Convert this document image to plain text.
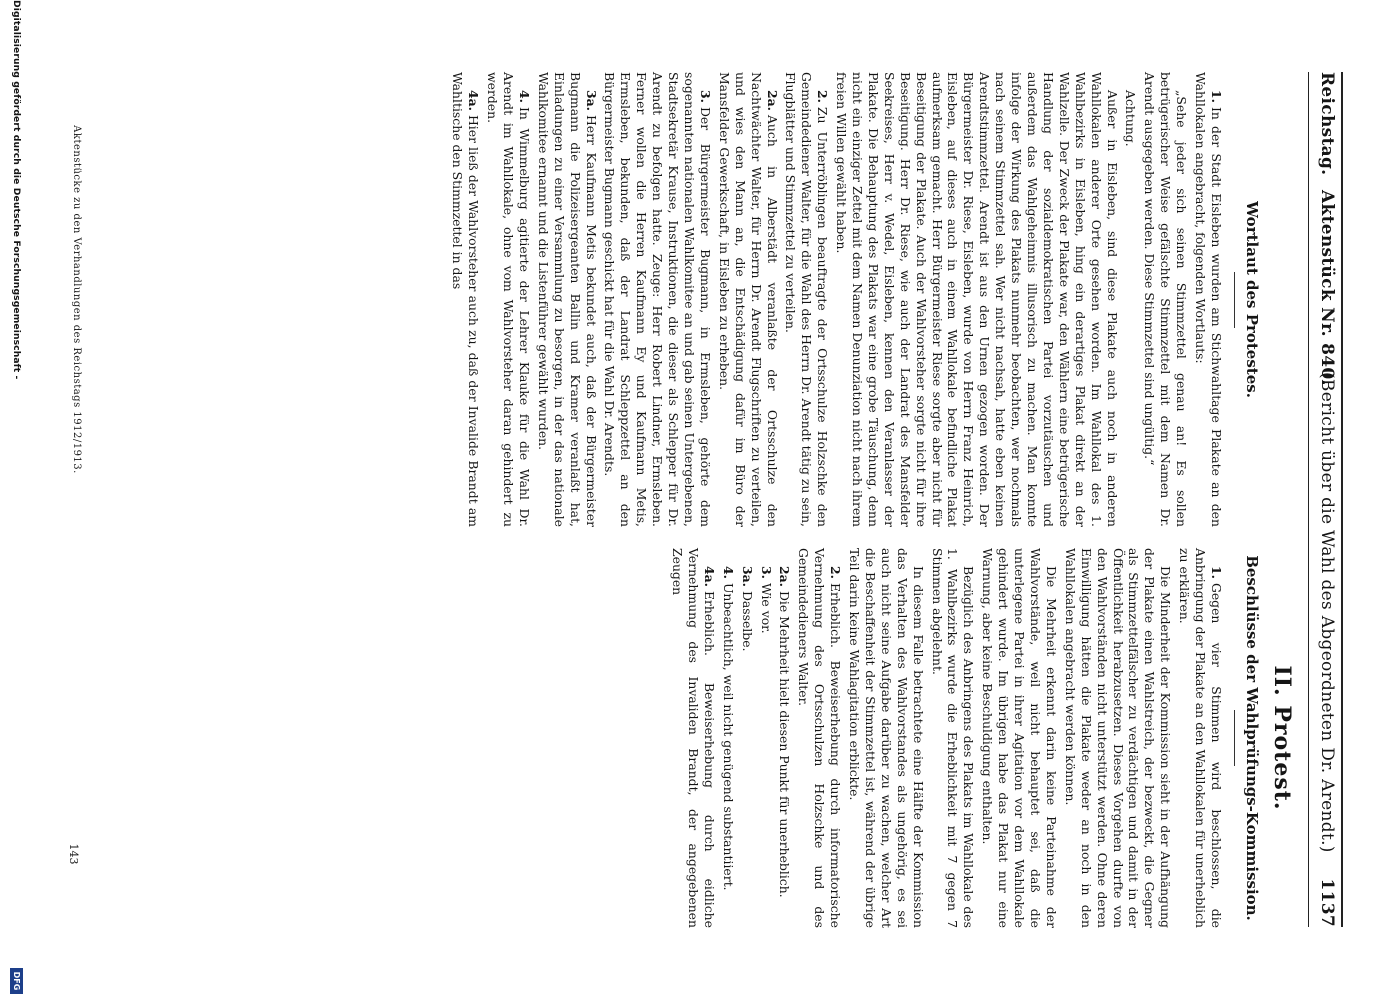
Reichstag.
Aktenstück Nr. 840.
(Bericht über die Wahl des Abgeordneten Dr. Arendt.)
1137
Wortlaut des Protestes.

1.In der Stadt Eisleben wurden am Stichwahltage Plakate an den Wahllokalen angebracht, folgenden Wortlauts:

„Sehe jeder sich seinen Stimmzettel genau an! Es sollen betrügerischer Weise gefälschte Stimmzettel mit dem Namen Dr. Arendt ausgegeben werden. Diese Stimmzettel sind ungültig.“

Achtung.

Außer in Eisleben, sind diese Plakate auch noch in anderen Wahllokalen anderer Orte gesehen worden. Im Wahllokal des 1. Wahlbezirks in Eisleben, hing ein derartiges Plakat direkt an der Wahlzelle. Der Zweck der Plakate war, den Wählern eine betrügerische Handlung der sozialdemokratischen Partei vorzutäuschen und außerdem das Wahlgeheimnis illusorisch zu machen. Man konnte infolge der Wirkung des Plakats nunmehr beobachten, wer nochmals nach seinem Stimmzettel sah. Wer nicht nachsah, hatte eben keinen Arendtstimmzettel. Arendt ist aus den Urnen gezogen worden. Der Bürgermeister Dr. Riese, Eisleben, wurde von Herrn Franz Heinrich, Eisleben, auf dieses auch in einem Wahllokale befindliche Plakat aufmerksam gemacht. Herr Bürgermeister Riese sorgte aber nicht für Beseitigung der Plakate. Auch der Wahlvorsteher sorgte nicht für ihre Beseitigung. Herr Dr. Riese, wie auch der Landrat des Mansfelder Seekreises, Herr v. Wedel, Eisleben, kennen den Veranlasser der Plakate. Die Behauptung des Plakats war eine grobe Täuschung, denn nicht ein einziger Zettel mit dem Namen Denunziation nicht nach ihrem freien Willen gewählt haben.

2.Zu Unterröblingen beauftragte der Ortsschulze Holzschke den Gemeindediener Walter, für die Wahl des Herrn Dr. Arendt tätig zu sein, Flugblätter und Stimmzettel zu verteilen.

2a.Auch in Alberstädt veranlaßte der Ortsschulze den Nachtwächter Walter, für Herrn Dr. Arendt Flugschriften zu verteilen, und wies den Mann an, die Entschädigung dafür im Büro der Mansfelder Gewerkschaft, in Eisleben zu erheben.

3.Der Bürgermeister Bugmann, in Ermsleben, gehörte dem sogenannten nationalen Wahlkomitee an und gab seinen Untergebenen, Stadtsekretär Krause, Instruktionen, die dieser als Schlepper für Dr. Arendt zu befolgen hatte. Zeuge: Herr Robert Lindner, Ermsleben. Ferner wollen die Herren Kaufmann Ey und Kaufmann Metis, Ermsleben, bekunden, daß der Landrat Schleppzettel an den Bürgermeister Bugmann geschickt hat für die Wahl Dr. Arendts.

3a.Herr Kaufmann Metis bekundet auch, daß der Bürgermeister Bugmann die Polizeisergeanten Ballin und Kramer veranlaßt hat, Einladungen zu einer Versammlung zu besorgen, in der das nationale Wahlkomitee ernannt und die Listenführer gewählt wurden.

4.In Wimmelburg agitierte der Lehrer Klauke für die Wahl Dr. Arendt im Wahllokale, ohne vom Wahlvorsteher daran gehindert zu werden.

4a.Hier ließ der Wahlvorsteher auch zu, daß der Invalide Brandt am Wahltische den Stimmzettel in das

II. Protest.
Beschlüsse der Wahlprüfungs-Kommission.

1.Gegen vier Stimmen wird beschlossen, die Anbringung der Plakate an den Wahllokalen für unerheblich zu erklären.

Die Minderheit der Kommission sieht in der Aufhängung der Plakate einen Wahlstreich, der bezweckt, die Gegner als Stimmzettelfälscher zu verdächtigen und damit in der Öffentlichkeit herabzusetzen. Dieses Vorgehen durfte von den Wahlvorständen nicht unterstützt werden. Ohne deren Einwilligung hätten die Plakate weder an noch in den Wahllokalen angebracht werden können.

Die Mehrheit erkennt darin keine Parteinahme der Wahlvorstände, weil nicht behauptet sei, daß die unterlegene Partei in ihrer Agitation vor dem Wahllokale gehindert wurde. Im übrigen habe das Plakat nur eine Warnung, aber keine Beschuldigung enthalten.

Bezüglich des Anbringens des Plakats im Wahllokale des 1. Wahlbezirks wurde die Erheblichkeit mit 7 gegen 7 Stimmen abgelehnt.

In diesem Falle betrachtete eine Hälfte der Kommission das Verhalten des Wahlvorstandes als ungehörig, es sei auch nicht seine Aufgabe darüber zu wachen, welcher Art die Beschaffenheit der Stimmzettel ist, während der übrige Teil darin keine Wahlagitation erblickte.

2.Erheblich. Beweiserhebung durch informatorische Vernehmung des Ortsschulzen Holzschke und des Gemeindedieners Walter.

2a.Die Mehrheit hielt diesen Punkt für unerheblich.

3.Wie vor.

3a.Dasselbe.

4.Unbeachtlich, weil nicht genügend substantiiert.

4a.Erheblich. Beweiserhebung durch eidliche Vernehmung des Invaliden Brandt, der angegebenen Zeugen

Aktenstücke zu den Verhandlungen des Reichstags 1912/1913.
143
Digitalisierung gefördert durch die Deutsche Forschungsgemeinschaft -
DFG
